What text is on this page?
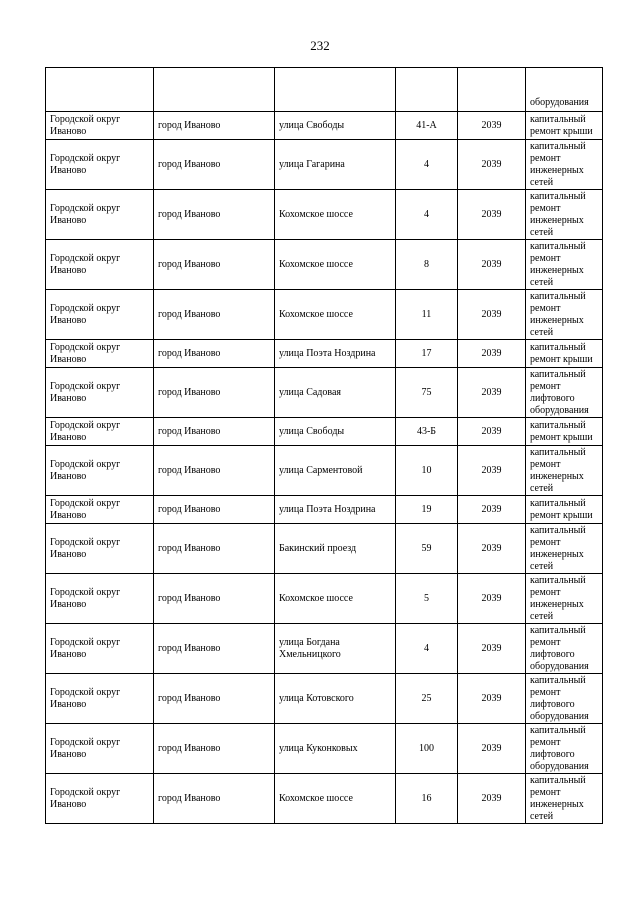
232
					оборудования
Городской округ Иваново	город Иваново	улица Свободы	41-А	2039	капитальный ремонт крыши
Городской округ Иваново	город Иваново	улица Гагарина	4	2039	капитальный ремонт инженерных сетей
Городской округ Иваново	город Иваново	Кохомское шоссе	4	2039	капитальный ремонт инженерных сетей
Городской округ Иваново	город Иваново	Кохомское шоссе	8	2039	капитальный ремонт инженерных сетей
Городской округ Иваново	город Иваново	Кохомское шоссе	11	2039	капитальный ремонт инженерных сетей
Городской округ Иваново	город Иваново	улица Поэта Ноздрина	17	2039	капитальный ремонт крыши
Городской округ Иваново	город Иваново	улица Садовая	75	2039	капитальный ремонт лифтового оборудования
Городской округ Иваново	город Иваново	улица Свободы	43-Б	2039	капитальный ремонт крыши
Городской округ Иваново	город Иваново	улица Сарментовой	10	2039	капитальный ремонт инженерных сетей
Городской округ Иваново	город Иваново	улица Поэта Ноздрина	19	2039	капитальный ремонт крыши
Городской округ Иваново	город Иваново	Бакинский проезд	59	2039	капитальный ремонт инженерных сетей
Городской округ Иваново	город Иваново	Кохомское шоссе	5	2039	капитальный ремонт инженерных сетей
Городской округ Иваново	город Иваново	улица Богдана Хмельницкого	4	2039	капитальный ремонт лифтового оборудования
Городской округ Иваново	город Иваново	улица Котовского	25	2039	капитальный ремонт лифтового оборудования
Городской округ Иваново	город Иваново	улица Куконковых	100	2039	капитальный ремонт лифтового оборудования
Городской округ Иваново	город Иваново	Кохомское шоссе	16	2039	капитальный ремонт инженерных сетей
